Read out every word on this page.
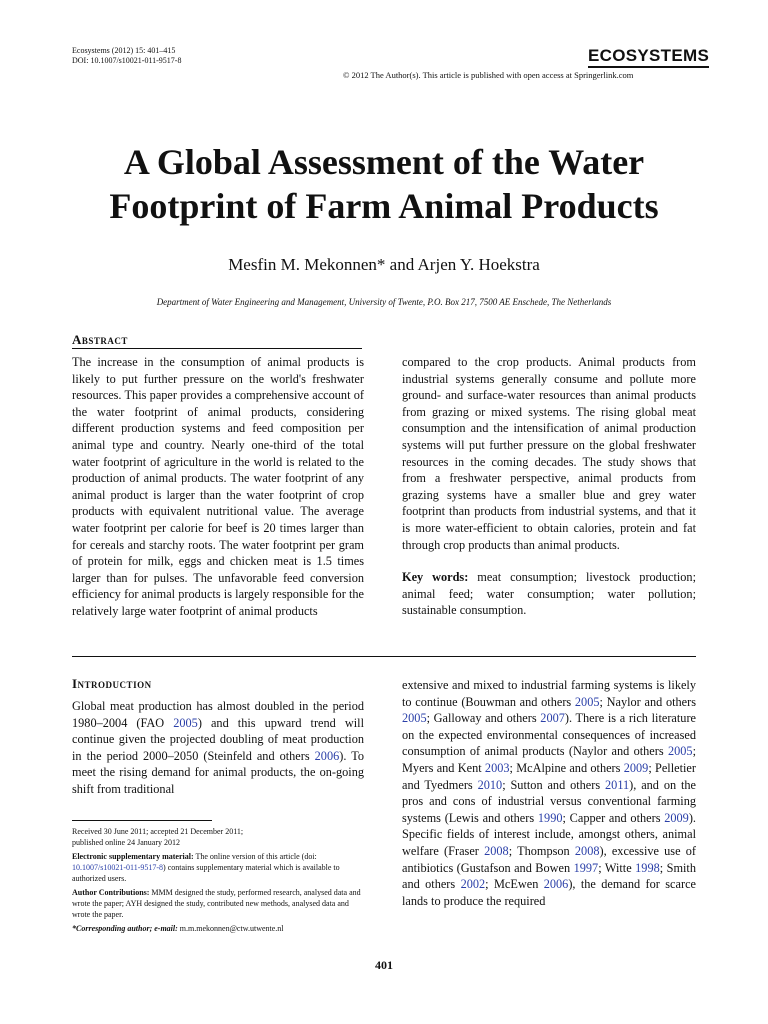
Ecosystems (2012) 15: 401–415
DOI: 10.1007/s10021-011-9517-8	ECOSYSTEMS
© 2012 The Author(s). This article is published with open access at Springerlink.com
A Global Assessment of the Water
Footprint of Farm Animal Products
Mesfin M. Mekonnen* and Arjen Y. Hoekstra
Department of Water Engineering and Management, University of Twente, P.O. Box 217, 7500 AE Enschede, The Netherlands
Abstract

The increase in the consumption of animal products is likely to put further pressure on the world's freshwater resources. This paper provides a comprehensive account of the water footprint of animal products, considering different production systems and feed composition per animal type and country. Nearly one-third of the total water footprint of agriculture in the world is related to the production of animal products. The water footprint of any animal product is larger than the water footprint of crop products with equivalent nutritional value. The average water footprint per calorie for beef is 20 times larger than for cereals and starchy roots. The water footprint per gram of protein for milk, eggs and chicken meat is 1.5 times larger than for pulses. The unfavorable feed conversion efficiency for animal products is largely responsible for the relatively large water footprint of animal products

compared to the crop products. Animal products from industrial systems generally consume and pollute more ground- and surface-water resources than animal products from grazing or mixed systems. The rising global meat consumption and the intensification of animal production systems will put further pressure on the global freshwater resources in the coming decades. The study shows that from a freshwater perspective, animal products from grazing systems have a smaller blue and grey water footprint than products from industrial systems, and that it is more water-efficient to obtain calories, protein and fat through crop products than animal products.

Key words: meat consumption; livestock production; animal feed; water consumption; water pollution; sustainable consumption.

Introduction

Global meat production has almost doubled in the period 1980–2004 (FAO 2005) and this upward trend will continue given the projected doubling of meat production in the period 2000–2050 (Steinfeld and others 2006). To meet the rising demand for animal products, the on-going shift from traditional

extensive and mixed to industrial farming systems is likely to continue (Bouwman and others 2005; Naylor and others 2005; Galloway and others 2007). There is a rich literature on the expected environmental consequences of increased consumption of animal products (Naylor and others 2005; Myers and Kent 2003; McAlpine and others 2009; Pelletier and Tyedmers 2010; Sutton and others 2011), and on the pros and cons of industrial versus conventional farming systems (Lewis and others 1990; Capper and others 2009). Specific fields of interest include, amongst others, animal welfare (Fraser 2008; Thompson 2008), excessive use of antibiotics (Gustafson and Bowen 1997; Witte 1998; Smith and others 2002; McEwen 2006), the demand for scarce lands to produce the required

Received 30 June 2011; accepted 21 December 2011;
published online 24 January 2012
Electronic supplementary material: The online version of this article (doi: 10.1007/s10021-011-9517-8) contains supplementary material which is available to authorized users.
Author Contributions: MMM designed the study, performed research, analysed data and wrote the paper; AYH designed the study, contributed new methods, analysed data and wrote the paper.
*Corresponding author; e-mail: m.m.mekonnen@ctw.utwente.nl
401
